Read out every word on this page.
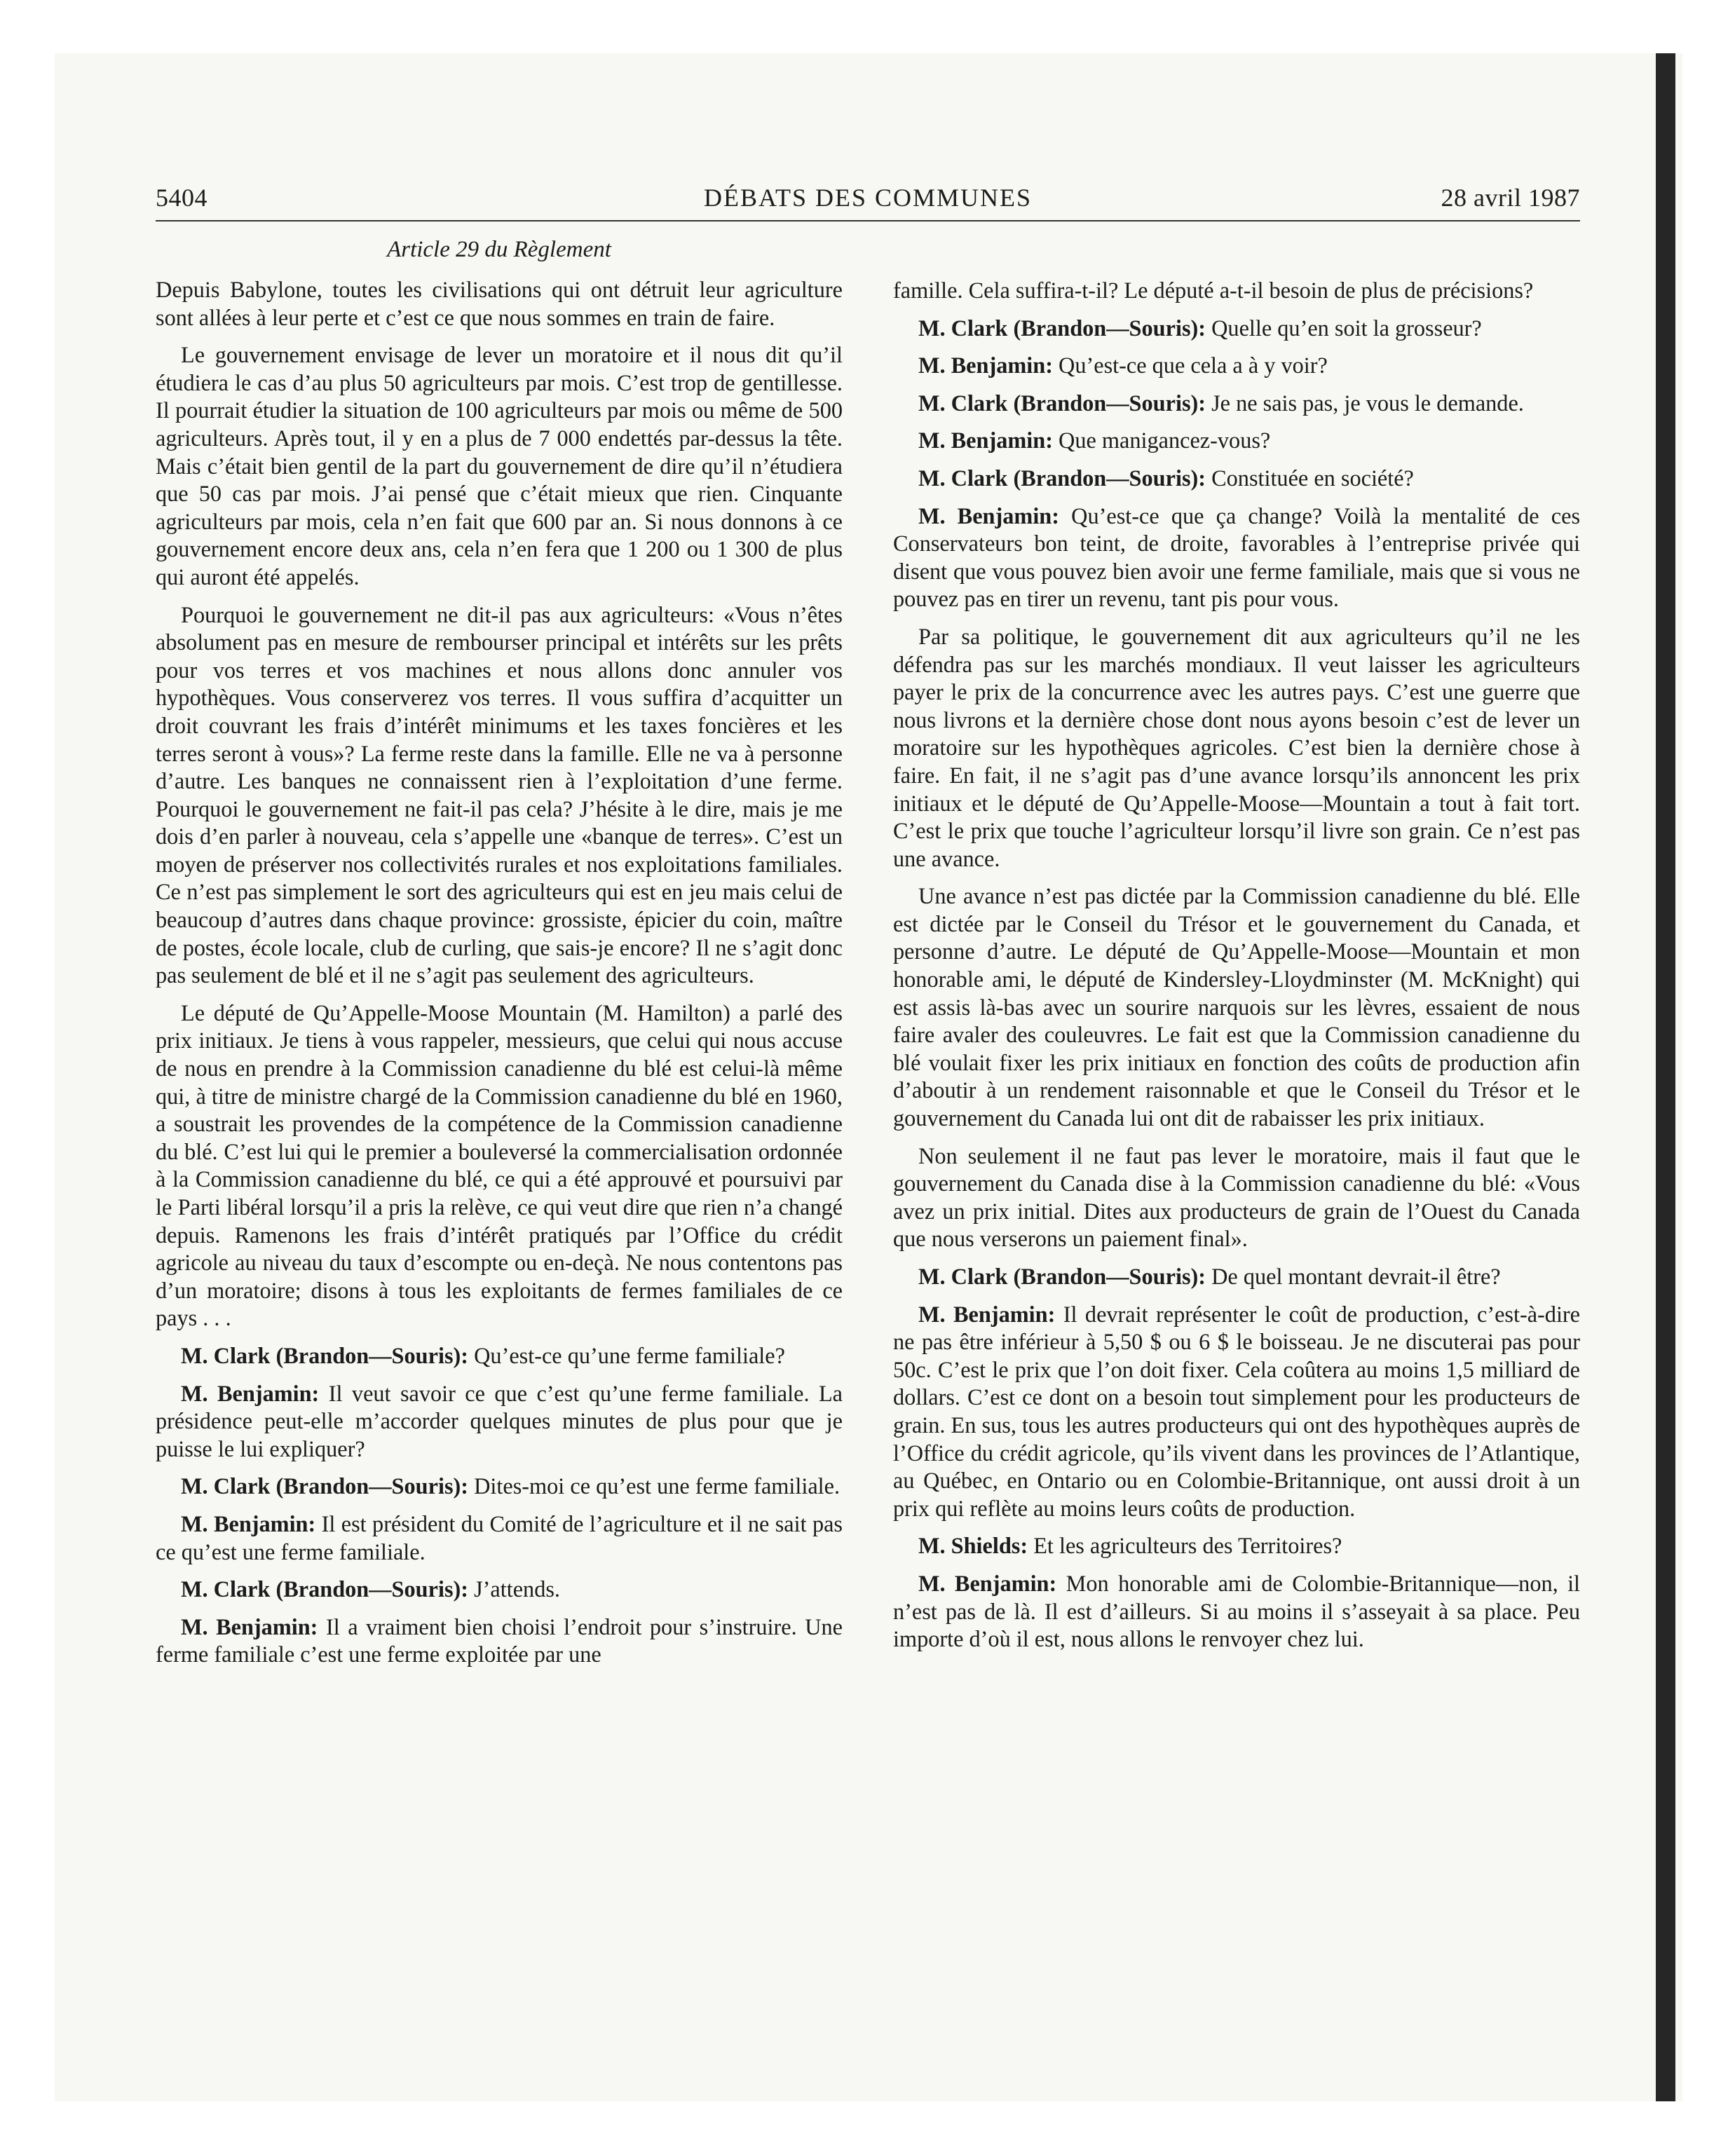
5404	DÉBATS DES COMMUNES	28 avril 1987
Article 29 du Règlement

Depuis Babylone, toutes les civilisations qui ont détruit leur agriculture sont allées à leur perte et c’est ce que nous sommes en train de faire.

Le gouvernement envisage de lever un moratoire et il nous dit qu’il étudiera le cas d’au plus 50 agriculteurs par mois. C’est trop de gentillesse. Il pourrait étudier la situation de 100 agriculteurs par mois ou même de 500 agriculteurs. Après tout, il y en a plus de 7 000 endettés par-dessus la tête. Mais c’était bien gentil de la part du gouvernement de dire qu’il n’étudiera que 50 cas par mois. J’ai pensé que c’était mieux que rien. Cinquante agriculteurs par mois, cela n’en fait que 600 par an. Si nous donnons à ce gouvernement encore deux ans, cela n’en fera que 1 200 ou 1 300 de plus qui auront été appelés.

Pourquoi le gouvernement ne dit-il pas aux agriculteurs: «Vous n’êtes absolument pas en mesure de rembourser principal et intérêts sur les prêts pour vos terres et vos machines et nous allons donc annuler vos hypothèques. Vous conserverez vos terres. Il vous suffira d’acquitter un droit couvrant les frais d’intérêt minimums et les taxes foncières et les terres seront à vous»? La ferme reste dans la famille. Elle ne va à personne d’autre. Les banques ne connaissent rien à l’exploitation d’une ferme. Pourquoi le gouvernement ne fait-il pas cela? J’hésite à le dire, mais je me dois d’en parler à nouveau, cela s’appelle une «banque de terres». C’est un moyen de préserver nos collectivités rurales et nos exploitations familiales. Ce n’est pas simplement le sort des agriculteurs qui est en jeu mais celui de beaucoup d’autres dans chaque province: grossiste, épicier du coin, maître de postes, école locale, club de curling, que sais-je encore? Il ne s’agit donc pas seulement de blé et il ne s’agit pas seulement des agriculteurs.

Le député de Qu’Appelle-Moose Mountain (M. Hamilton) a parlé des prix initiaux. Je tiens à vous rappeler, messieurs, que celui qui nous accuse de nous en prendre à la Commission canadienne du blé est celui-là même qui, à titre de ministre chargé de la Commission canadienne du blé en 1960, a soustrait les provendes de la compétence de la Commission canadienne du blé. C’est lui qui le premier a bouleversé la commercialisation ordonnée à la Commission canadienne du blé, ce qui a été approuvé et poursuivi par le Parti libéral lorsqu’il a pris la relève, ce qui veut dire que rien n’a changé depuis. Ramenons les frais d’intérêt pratiqués par l’Office du crédit agricole au niveau du taux d’escompte ou en-deçà. Ne nous contentons pas d’un moratoire; disons à tous les exploitants de fermes familiales de ce pays . . .

M. Clark (Brandon—Souris): Qu’est-ce qu’une ferme familiale?

M. Benjamin: Il veut savoir ce que c’est qu’une ferme familiale. La présidence peut-elle m’accorder quelques minutes de plus pour que je puisse le lui expliquer?

M. Clark (Brandon—Souris): Dites-moi ce qu’est une ferme familiale.

M. Benjamin: Il est président du Comité de l’agriculture et il ne sait pas ce qu’est une ferme familiale.

M. Clark (Brandon—Souris): J’attends.

M. Benjamin: Il a vraiment bien choisi l’endroit pour s’instruire. Une ferme familiale c’est une ferme exploitée par une

famille. Cela suffira-t-il? Le député a-t-il besoin de plus de précisions?

M. Clark (Brandon—Souris): Quelle qu’en soit la grosseur?

M. Benjamin: Qu’est-ce que cela a à y voir?

M. Clark (Brandon—Souris): Je ne sais pas, je vous le demande.

M. Benjamin: Que manigancez-vous?

M. Clark (Brandon—Souris): Constituée en société?

M. Benjamin: Qu’est-ce que ça change? Voilà la mentalité de ces Conservateurs bon teint, de droite, favorables à l’entreprise privée qui disent que vous pouvez bien avoir une ferme familiale, mais que si vous ne pouvez pas en tirer un revenu, tant pis pour vous.

Par sa politique, le gouvernement dit aux agriculteurs qu’il ne les défendra pas sur les marchés mondiaux. Il veut laisser les agriculteurs payer le prix de la concurrence avec les autres pays. C’est une guerre que nous livrons et la dernière chose dont nous ayons besoin c’est de lever un moratoire sur les hypothèques agricoles. C’est bien la dernière chose à faire. En fait, il ne s’agit pas d’une avance lorsqu’ils annoncent les prix initiaux et le député de Qu’Appelle-Moose—Mountain a tout à fait tort. C’est le prix que touche l’agriculteur lorsqu’il livre son grain. Ce n’est pas une avance.

Une avance n’est pas dictée par la Commission canadienne du blé. Elle est dictée par le Conseil du Trésor et le gouvernement du Canada, et personne d’autre. Le député de Qu’Appelle-Moose—Mountain et mon honorable ami, le député de Kindersley-Lloydminster (M. McKnight) qui est assis là-bas avec un sourire narquois sur les lèvres, essaient de nous faire avaler des couleuvres. Le fait est que la Commission canadienne du blé voulait fixer les prix initiaux en fonction des coûts de production afin d’aboutir à un rendement raisonnable et que le Conseil du Trésor et le gouvernement du Canada lui ont dit de rabaisser les prix initiaux.

Non seulement il ne faut pas lever le moratoire, mais il faut que le gouvernement du Canada dise à la Commission canadienne du blé: «Vous avez un prix initial. Dites aux producteurs de grain de l’Ouest du Canada que nous verserons un paiement final».

M. Clark (Brandon—Souris): De quel montant devrait-il être?

M. Benjamin: Il devrait représenter le coût de production, c’est-à-dire ne pas être inférieur à 5,50 $ ou 6 $ le boisseau. Je ne discuterai pas pour 50c. C’est le prix que l’on doit fixer. Cela coûtera au moins 1,5 milliard de dollars. C’est ce dont on a besoin tout simplement pour les producteurs de grain. En sus, tous les autres producteurs qui ont des hypothèques auprès de l’Office du crédit agricole, qu’ils vivent dans les provinces de l’Atlantique, au Québec, en Ontario ou en Colombie-Britannique, ont aussi droit à un prix qui reflète au moins leurs coûts de production.

M. Shields: Et les agriculteurs des Territoires?

M. Benjamin: Mon honorable ami de Colombie-Britannique—non, il n’est pas de là. Il est d’ailleurs. Si au moins il s’asseyait à sa place. Peu importe d’où il est, nous allons le renvoyer chez lui.
